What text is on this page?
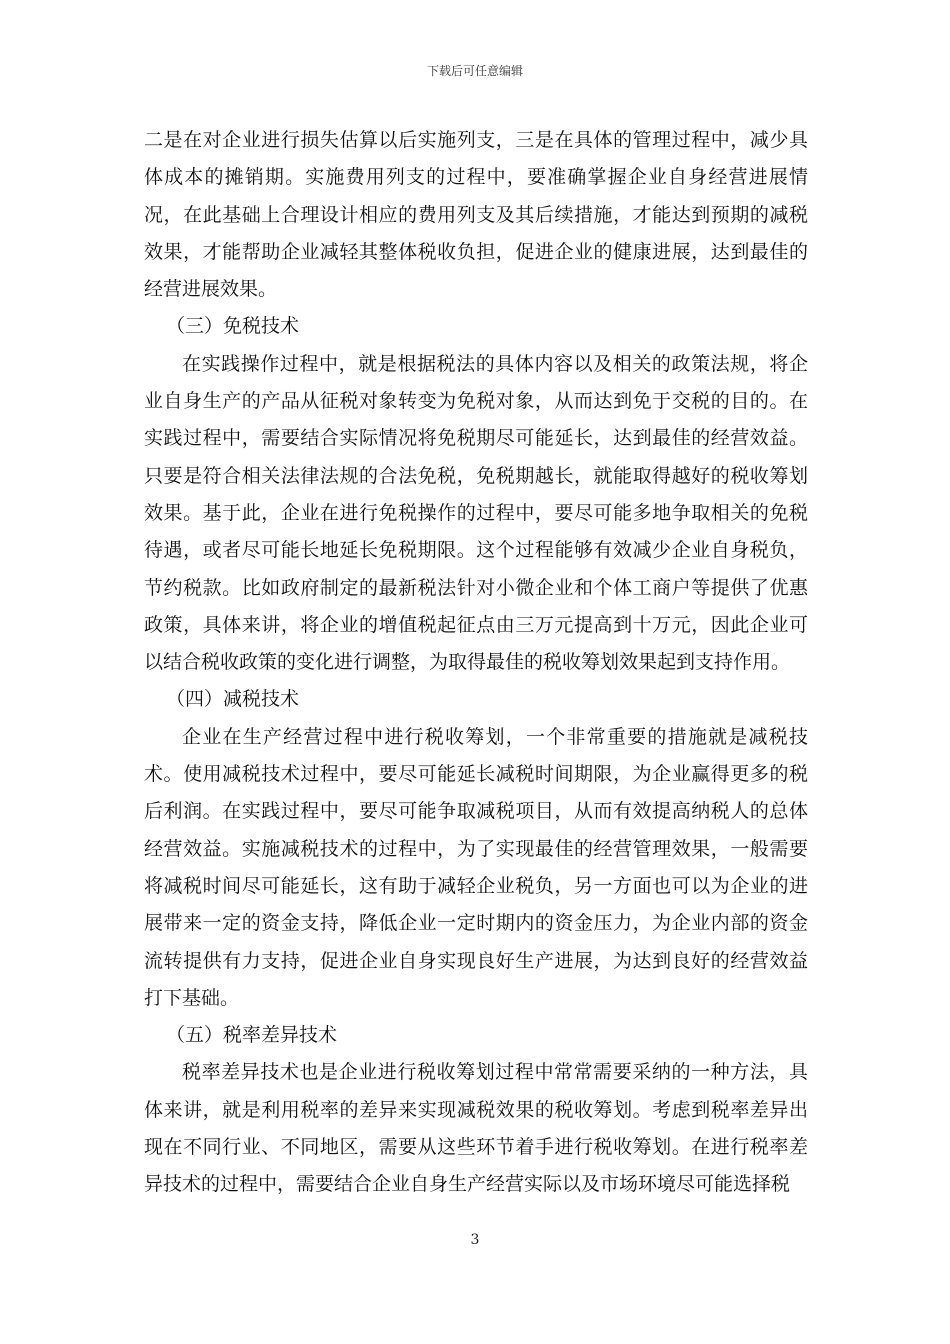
下载后可任意编辑

二是在对企业进行损失估算以后实施列支，三是在具体的管理过程中，减少具体成本的摊销期。实施费用列支的过程中，要准确掌握企业自身经营进展情况，在此基础上合理设计相应的费用列支及其后续措施，才能达到预期的减税效果，才能帮助企业减轻其整体税收负担，促进企业的健康进展，达到最佳的经营进展效果。

（三）免税技术

在实践操作过程中，就是根据税法的具体内容以及相关的政策法规，将企业自身生产的产品从征税对象转变为免税对象，从而达到免于交税的目的。在实践过程中，需要结合实际情况将免税期尽可能延长，达到最佳的经营效益。只要是符合相关法律法规的合法免税，免税期越长，就能取得越好的税收筹划效果。基于此，企业在进行免税操作的过程中，要尽可能多地争取相关的免税待遇，或者尽可能长地延长免税期限。这个过程能够有效减少企业自身税负，节约税款。比如政府制定的最新税法针对小微企业和个体工商户等提供了优惠政策，具体来讲，将企业的增值税起征点由三万元提高到十万元，因此企业可以结合税收政策的变化进行调整，为取得最佳的税收筹划效果起到支持作用。

（四）减税技术

企业在生产经营过程中进行税收筹划，一个非常重要的措施就是减税技术。使用减税技术过程中，要尽可能延长减税时间期限，为企业赢得更多的税后利润。在实践过程中，要尽可能争取减税项目，从而有效提高纳税人的总体经营效益。实施减税技术的过程中，为了实现最佳的经营管理效果，一般需要将减税时间尽可能延长，这有助于减轻企业税负，另一方面也可以为企业的进展带来一定的资金支持，降低企业一定时期内的资金压力，为企业内部的资金流转提供有力支持，促进企业自身实现良好生产进展，为达到良好的经营效益打下基础。

（五）税率差异技术

税率差异技术也是企业进行税收筹划过程中常常需要采纳的一种方法，具体来讲，就是利用税率的差异来实现减税效果的税收筹划。考虑到税率差异出现在不同行业、不同地区，需要从这些环节着手进行税收筹划。在进行税率差异技术的过程中，需要结合企业自身生产经营实际以及市场环境尽可能选择税

3
